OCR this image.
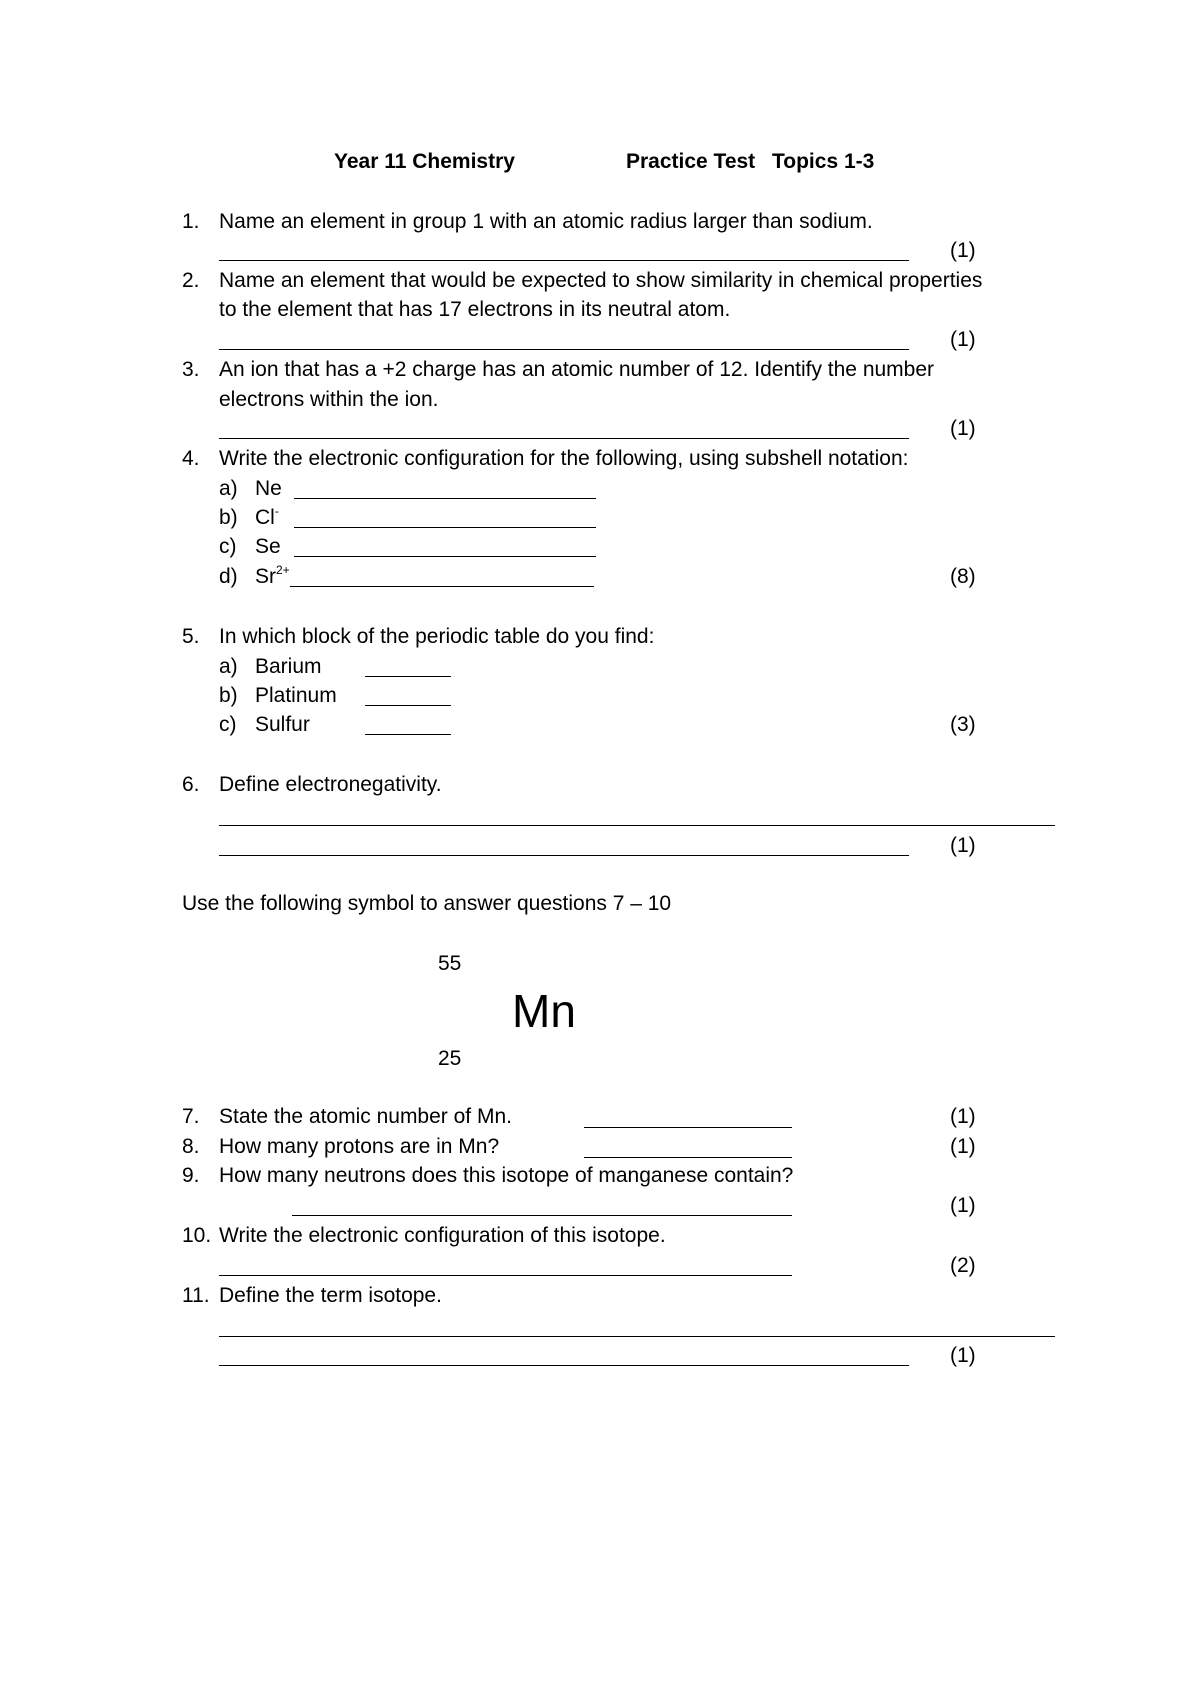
Year 11 Chemistry	Practice Test Topics 1-3
1. Name an element in group 1 with an atomic radius larger than sodium.
(1)
2. Name an element that would be expected to show similarity in chemical properties
to the element that has 17 electrons in its neutral atom.
(1)
3. An ion that has a +2 charge has an atomic number of 12. Identify the number
electrons within the ion.
(1)
4. Write the electronic configuration for the following, using subshell notation:
a) Ne
b) Cl-
c) Se
d) $Sr^{2+}$	(8)
5. In which block of the periodic table do you find:
a) Barium
b) Platinum
c) Sulfur	(3)
6. Define electronegativity.
(1)
Use the following symbol to answer questions 7 – 10
55
Mn
25
7. State the atomic number of Mn.	(1)
8. How many protons are in Mn?	(1)
9. How many neutrons does this isotope of manganese contain?
(1)
10. Write the electronic configuration of this isotope.
(2)
11. Define the term isotope.
(1)
